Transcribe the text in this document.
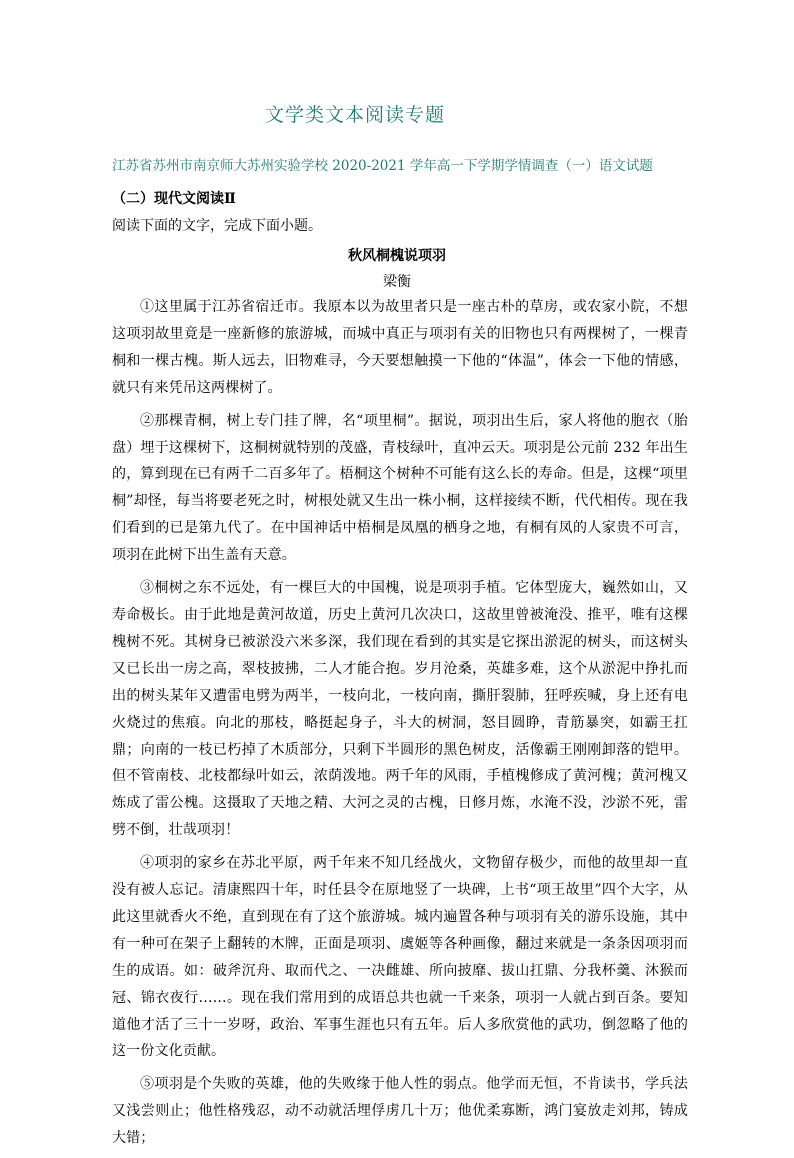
文学类文本阅读专题
江苏省苏州市南京师大苏州实验学校 2020-2021 学年高一下学期学情调查（一）语文试题
（二）现代文阅读Ⅱ
阅读下面的文字，完成下面小题。
秋风桐槐说项羽
梁衡

①这里属于江苏省宿迁市。我原本以为故里者只是一座古朴的草房，或农家小院，不想这项羽故里竟是一座新修的旅游城，而城中真正与项羽有关的旧物也只有两棵树了，一棵青桐和一棵古槐。斯人远去，旧物难寻，今天要想触摸一下他的“体温”，体会一下他的情感，就只有来凭吊这两棵树了。

②那棵青桐，树上专门挂了牌，名“项里桐”。据说，项羽出生后，家人将他的胞衣（胎盘）埋于这棵树下，这桐树就特别的茂盛，青枝绿叶，直冲云天。项羽是公元前 232 年出生的，算到现在已有两千二百多年了。梧桐这个树种不可能有这么长的寿命。但是，这棵“项里桐”却怪，每当将要老死之时，树根处就又生出一株小桐，这样接续不断，代代相传。现在我们看到的已是第九代了。在中国神话中梧桐是凤凰的栖身之地，有桐有凤的人家贵不可言，项羽在此树下出生盖有天意。

③桐树之东不远处，有一棵巨大的中国槐，说是项羽手植。它体型庞大，巍然如山，又寿命极长。由于此地是黄河故道，历史上黄河几次决口，这故里曾被淹没、推平，唯有这棵槐树不死。其树身已被淤没六米多深，我们现在看到的其实是它探出淤泥的树头，而这树头又已长出一房之高，翠枝披拂，二人才能合抱。岁月沧桑，英雄多难，这个从淤泥中挣扎而出的树头某年又遭雷电劈为两半，一枝向北，一枝向南，撕肝裂肺，狂呼疾喊，身上还有电火烧过的焦痕。向北的那枝，略挺起身子，斗大的树洞，怒目圆睁，青筋暴突，如霸王扛鼎；向南的一枝已朽掉了木质部分，只剩下半圆形的黑色树皮，活像霸王刚刚卸落的铠甲。但不管南枝、北枝都绿叶如云，浓荫泼地。两千年的风雨，手植槐修成了黄河槐；黄河槐又炼成了雷公槐。这摄取了天地之精、大河之灵的古槐，日修月炼，水淹不没，沙淤不死，雷劈不倒，壮哉项羽！

④项羽的家乡在苏北平原，两千年来不知几经战火，文物留存极少，而他的故里却一直没有被人忘记。清康熙四十年，时任县令在原地竖了一块碑，上书“项王故里”四个大字，从此这里就香火不绝，直到现在有了这个旅游城。城内遍置各种与项羽有关的游乐设施，其中有一种可在架子上翻转的木牌，正面是项羽、虞姬等各种画像，翻过来就是一条条因项羽而生的成语。如：破斧沉舟、取而代之、一决雌雄、所向披靡、拔山扛鼎、分我杯羹、沐猴而冠、锦衣夜行……。现在我们常用到的成语总共也就一千来条，项羽一人就占到百条。要知道他才活了三十一岁呀，政治、军事生涯也只有五年。后人多欣赏他的武功，倒忽略了他的这一份文化贡献。

⑤项羽是个失败的英雄，他的失败缘于他人性的弱点。他学而无恒，不肯读书，学兵法又浅尝则止；他性格残忍，动不动就活埋俘虏几十万；他优柔寡断，鸿门宴放走刘邦，铸成大错；
